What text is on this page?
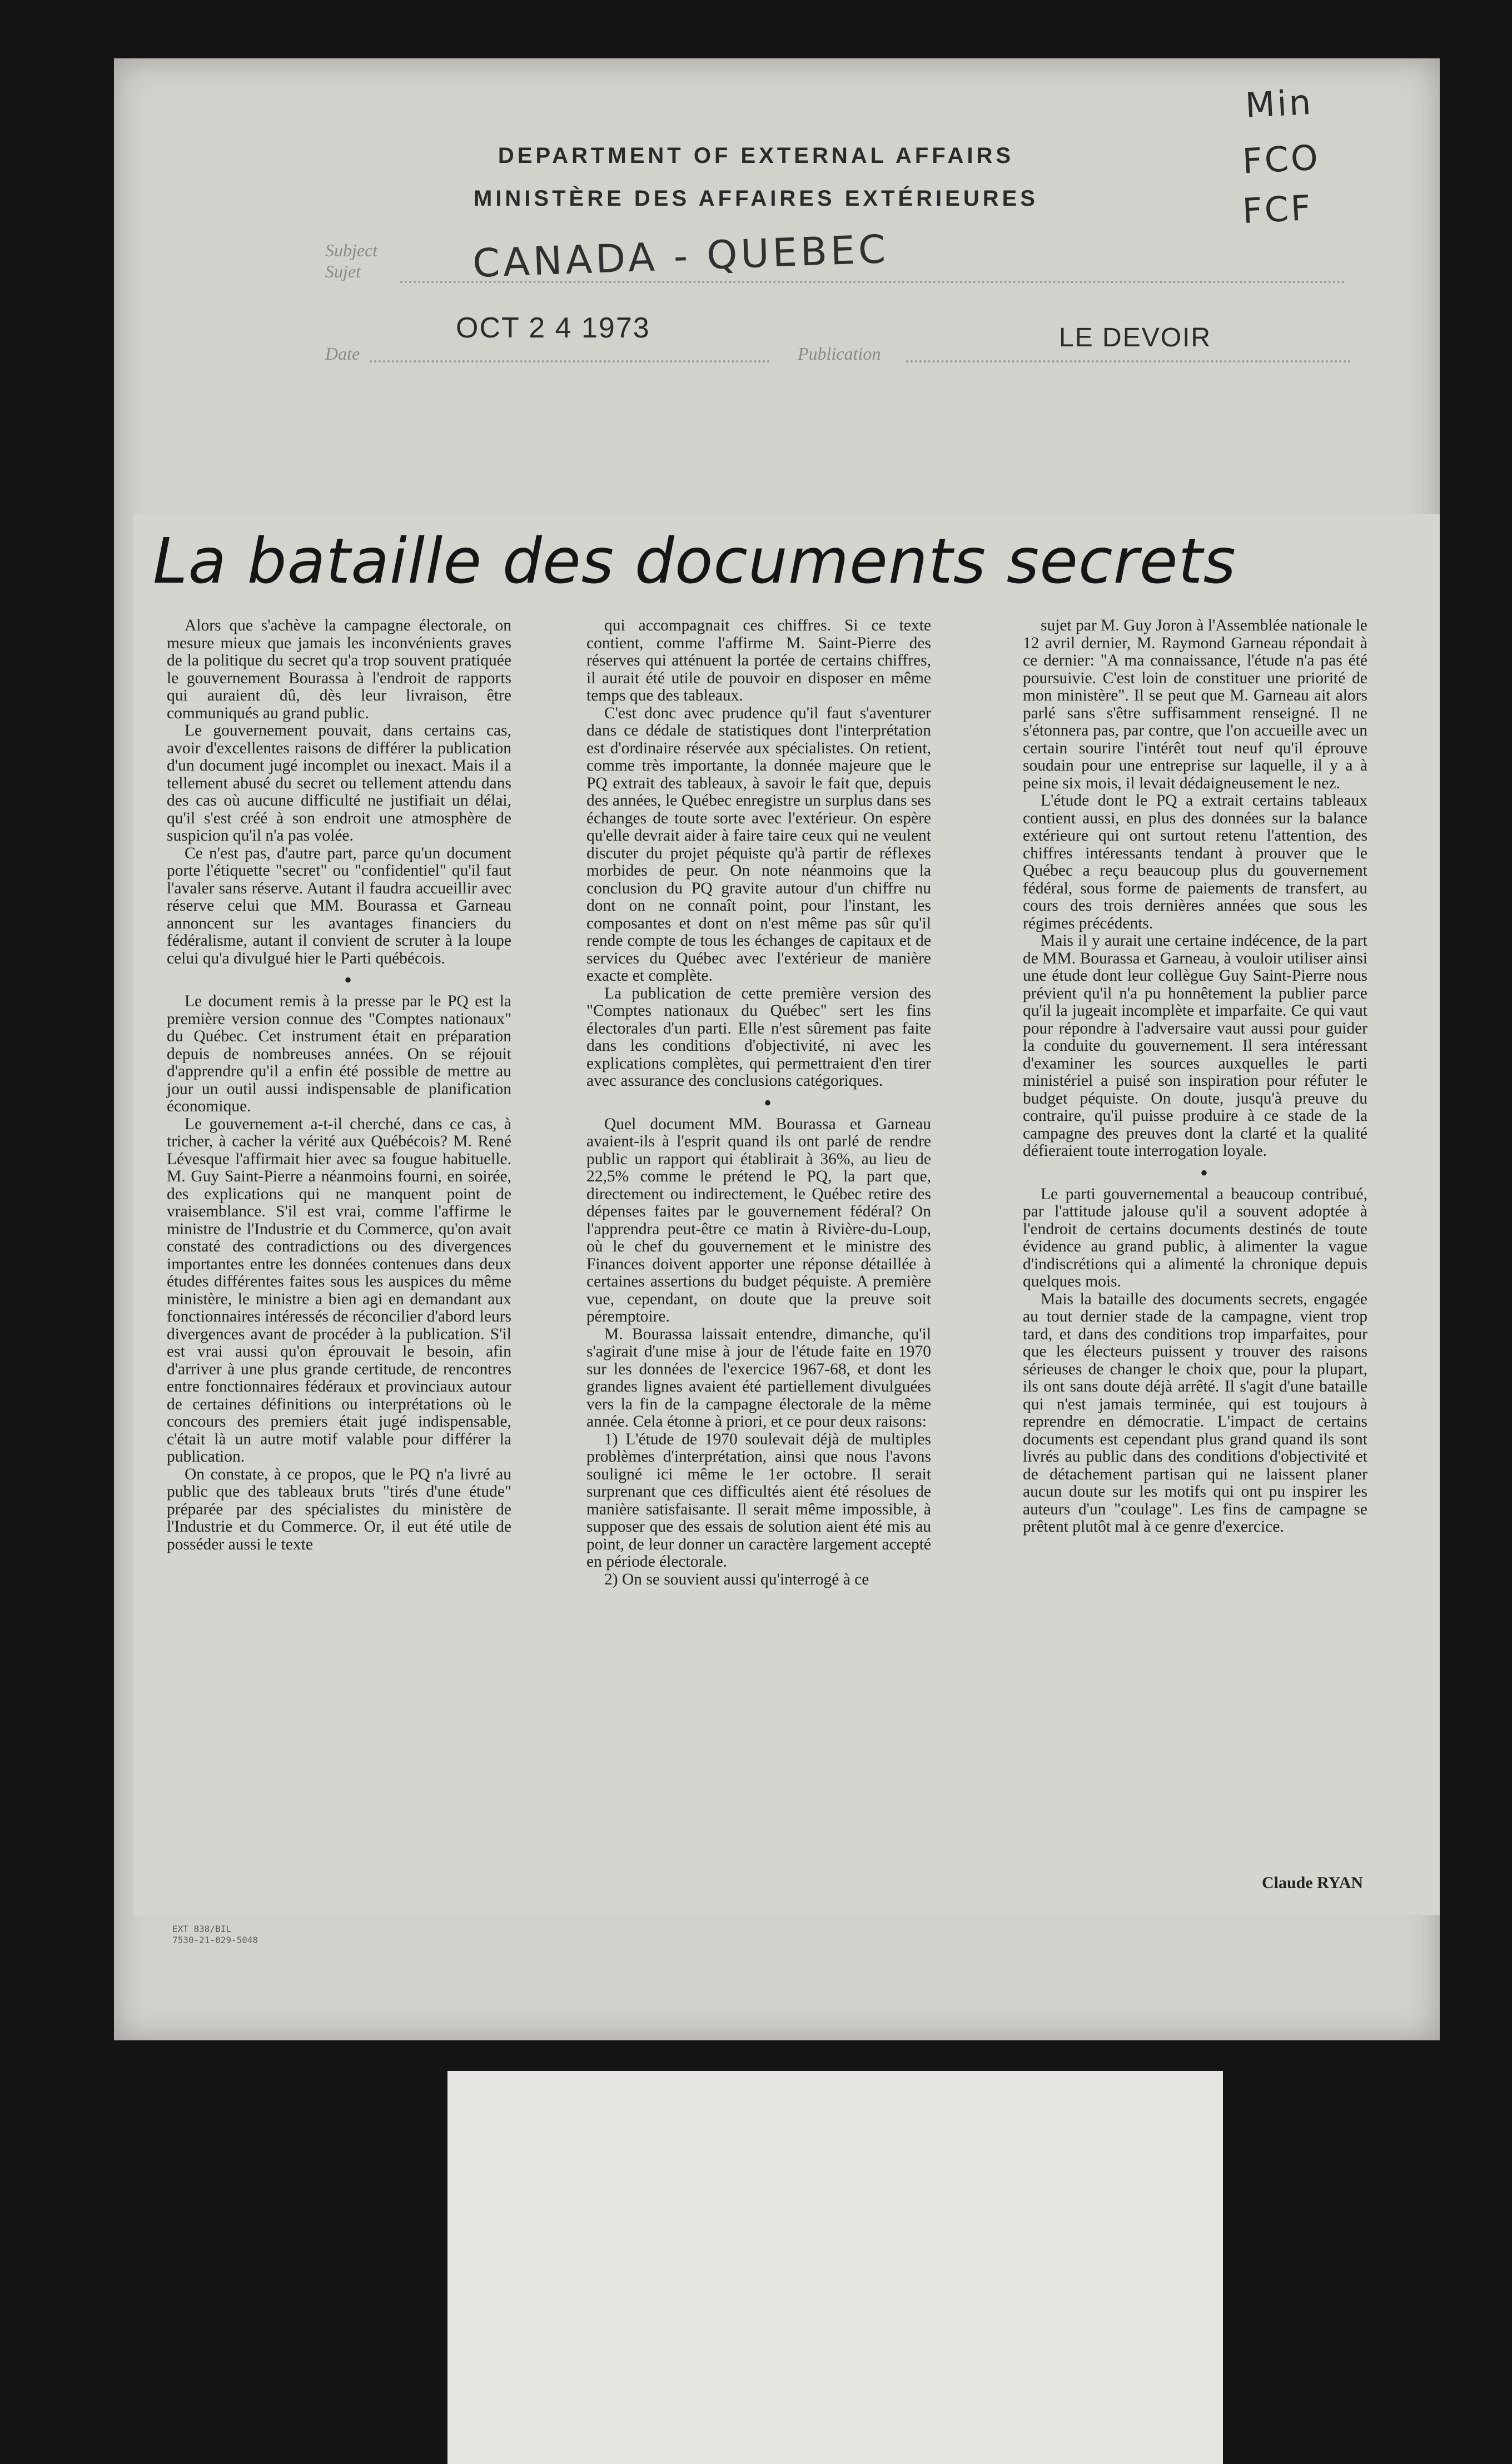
Min
FCO
FCF
DEPARTMENT OF EXTERNAL AFFAIRS
MINISTÈRE DES AFFAIRES EXTÉRIEURES
Subject
Sujet	CANADA - QUEBEC
Date
OCT 2 4 1973
Publication
LE DEVOIR
La bataille des documents secrets

Alors que s'achève la campagne électorale, on mesure mieux que jamais les inconvénients graves de la politique du secret qu'a trop souvent pratiquée le gouvernement Bourassa à l'endroit de rapports qui auraient dû, dès leur livraison, être communiqués au grand public.

Le gouvernement pouvait, dans certains cas, avoir d'excellentes raisons de différer la publication d'un document jugé incomplet ou inexact. Mais il a tellement abusé du secret ou tellement attendu dans des cas où aucune difficulté ne justifiait un délai, qu'il s'est créé à son endroit une atmosphère de suspicion qu'il n'a pas volée.

Ce n'est pas, d'autre part, parce qu'un document porte l'étiquette "secret" ou "confidentiel" qu'il faut l'avaler sans réserve. Autant il faudra accueillir avec réserve celui que MM. Bourassa et Garneau annoncent sur les avantages financiers du fédéralisme, autant il convient de scruter à la loupe celui qu'a divulgué hier le Parti québécois.

•

Le document remis à la presse par le PQ est la première version connue des "Comptes nationaux" du Québec. Cet instrument était en préparation depuis de nombreuses années. On se réjouit d'apprendre qu'il a enfin été possible de mettre au jour un outil aussi indispensable de planification économique.

Le gouvernement a-t-il cherché, dans ce cas, à tricher, à cacher la vérité aux Québécois? M. René Lévesque l'affirmait hier avec sa fougue habituelle. M. Guy Saint-Pierre a néanmoins fourni, en soirée, des explications qui ne manquent point de vraisemblance. S'il est vrai, comme l'affirme le ministre de l'Industrie et du Commerce, qu'on avait constaté des contradictions ou des divergences importantes entre les données contenues dans deux études différentes faites sous les auspices du même ministère, le ministre a bien agi en demandant aux fonctionnaires intéressés de réconcilier d'abord leurs divergences avant de procéder à la publication. S'il est vrai aussi qu'on éprouvait le besoin, afin d'arriver à une plus grande certitude, de rencontres entre fonctionnaires fédéraux et provinciaux autour de certaines définitions ou interprétations où le concours des premiers était jugé indispensable, c'était là un autre motif valable pour différer la publication.

On constate, à ce propos, que le PQ n'a livré au public que des tableaux bruts "tirés d'une étude" préparée par des spécialistes du ministère de l'Industrie et du Commerce. Or, il eut été utile de posséder aussi le texte

qui accompagnait ces chiffres. Si ce texte contient, comme l'affirme M. Saint-Pierre des réserves qui atténuent la portée de certains chiffres, il aurait été utile de pouvoir en disposer en même temps que des tableaux.

C'est donc avec prudence qu'il faut s'aventurer dans ce dédale de statistiques dont l'interprétation est d'ordinaire réservée aux spécialistes. On retient, comme très importante, la donnée majeure que le PQ extrait des tableaux, à savoir le fait que, depuis des années, le Québec enregistre un surplus dans ses échanges de toute sorte avec l'extérieur. On espère qu'elle devrait aider à faire taire ceux qui ne veulent discuter du projet péquiste qu'à partir de réflexes morbides de peur. On note néanmoins que la conclusion du PQ gravite autour d'un chiffre nu dont on ne connaît point, pour l'instant, les composantes et dont on n'est même pas sûr qu'il rende compte de tous les échanges de capitaux et de services du Québec avec l'extérieur de manière exacte et complète.

La publication de cette première version des "Comptes nationaux du Québec" sert les fins électorales d'un parti. Elle n'est sûrement pas faite dans les conditions d'objectivité, ni avec les explications complètes, qui permettraient d'en tirer avec assurance des conclusions catégoriques.

•

Quel document MM. Bourassa et Garneau avaient-ils à l'esprit quand ils ont parlé de rendre public un rapport qui établirait à 36%, au lieu de 22,5% comme le prétend le PQ, la part que, directement ou indirectement, le Québec retire des dépenses faites par le gouvernement fédéral? On l'apprendra peut-être ce matin à Rivière-du-Loup, où le chef du gouvernement et le ministre des Finances doivent apporter une réponse détaillée à certaines assertions du budget péquiste. A première vue, cependant, on doute que la preuve soit péremptoire.

M. Bourassa laissait entendre, dimanche, qu'il s'agirait d'une mise à jour de l'étude faite en 1970 sur les données de l'exercice 1967-68, et dont les grandes lignes avaient été partiellement divulguées vers la fin de la campagne électorale de la même année. Cela étonne à priori, et ce pour deux raisons:

1) L'étude de 1970 soulevait déjà de multiples problèmes d'interprétation, ainsi que nous l'avons souligné ici même le 1er octobre. Il serait surprenant que ces difficultés aient été résolues de manière satisfaisante. Il serait même impossible, à supposer que des essais de solution aient été mis au point, de leur donner un caractère largement accepté en période électorale.

2) On se souvient aussi qu'interrogé à ce

sujet par M. Guy Joron à l'Assemblée nationale le 12 avril dernier, M. Raymond Garneau répondait à ce dernier: "A ma connaissance, l'étude n'a pas été poursuivie. C'est loin de constituer une priorité de mon ministère". Il se peut que M. Garneau ait alors parlé sans s'être suffisamment renseigné. Il ne s'étonnera pas, par contre, que l'on accueille avec un certain sourire l'intérêt tout neuf qu'il éprouve soudain pour une entreprise sur laquelle, il y a à peine six mois, il levait dédaigneusement le nez.

L'étude dont le PQ a extrait certains tableaux contient aussi, en plus des données sur la balance extérieure qui ont surtout retenu l'attention, des chiffres intéressants tendant à prouver que le Québec a reçu beaucoup plus du gouvernement fédéral, sous forme de paiements de transfert, au cours des trois dernières années que sous les régimes précédents.

Mais il y aurait une certaine indécence, de la part de MM. Bourassa et Garneau, à vouloir utiliser ainsi une étude dont leur collègue Guy Saint-Pierre nous prévient qu'il n'a pu honnêtement la publier parce qu'il la jugeait incomplète et imparfaite. Ce qui vaut pour répondre à l'adversaire vaut aussi pour guider la conduite du gouvernement. Il sera intéressant d'examiner les sources auxquelles le parti ministériel a puisé son inspiration pour réfuter le budget péquiste. On doute, jusqu'à preuve du contraire, qu'il puisse produire à ce stade de la campagne des preuves dont la clarté et la qualité défieraient toute interrogation loyale.

•

Le parti gouvernemental a beaucoup contribué, par l'attitude jalouse qu'il a souvent adoptée à l'endroit de certains documents destinés de toute évidence au grand public, à alimenter la vague d'indiscrétions qui a alimenté la chronique depuis quelques mois.

Mais la bataille des documents secrets, engagée au tout dernier stade de la campagne, vient trop tard, et dans des conditions trop imparfaites, pour que les électeurs puissent y trouver des raisons sérieuses de changer le choix que, pour la plupart, ils ont sans doute déjà arrêté. Il s'agit d'une bataille qui n'est jamais terminée, qui est toujours à reprendre en démocratie. L'impact de certains documents est cependant plus grand quand ils sont livrés au public dans des conditions d'objectivité et de détachement partisan qui ne laissent planer aucun doute sur les motifs qui ont pu inspirer les auteurs d'un "coulage". Les fins de campagne se prêtent plutôt mal à ce genre d'exercice.

Claude RYAN
EXT 838/BIL
7530-21-029-5048
